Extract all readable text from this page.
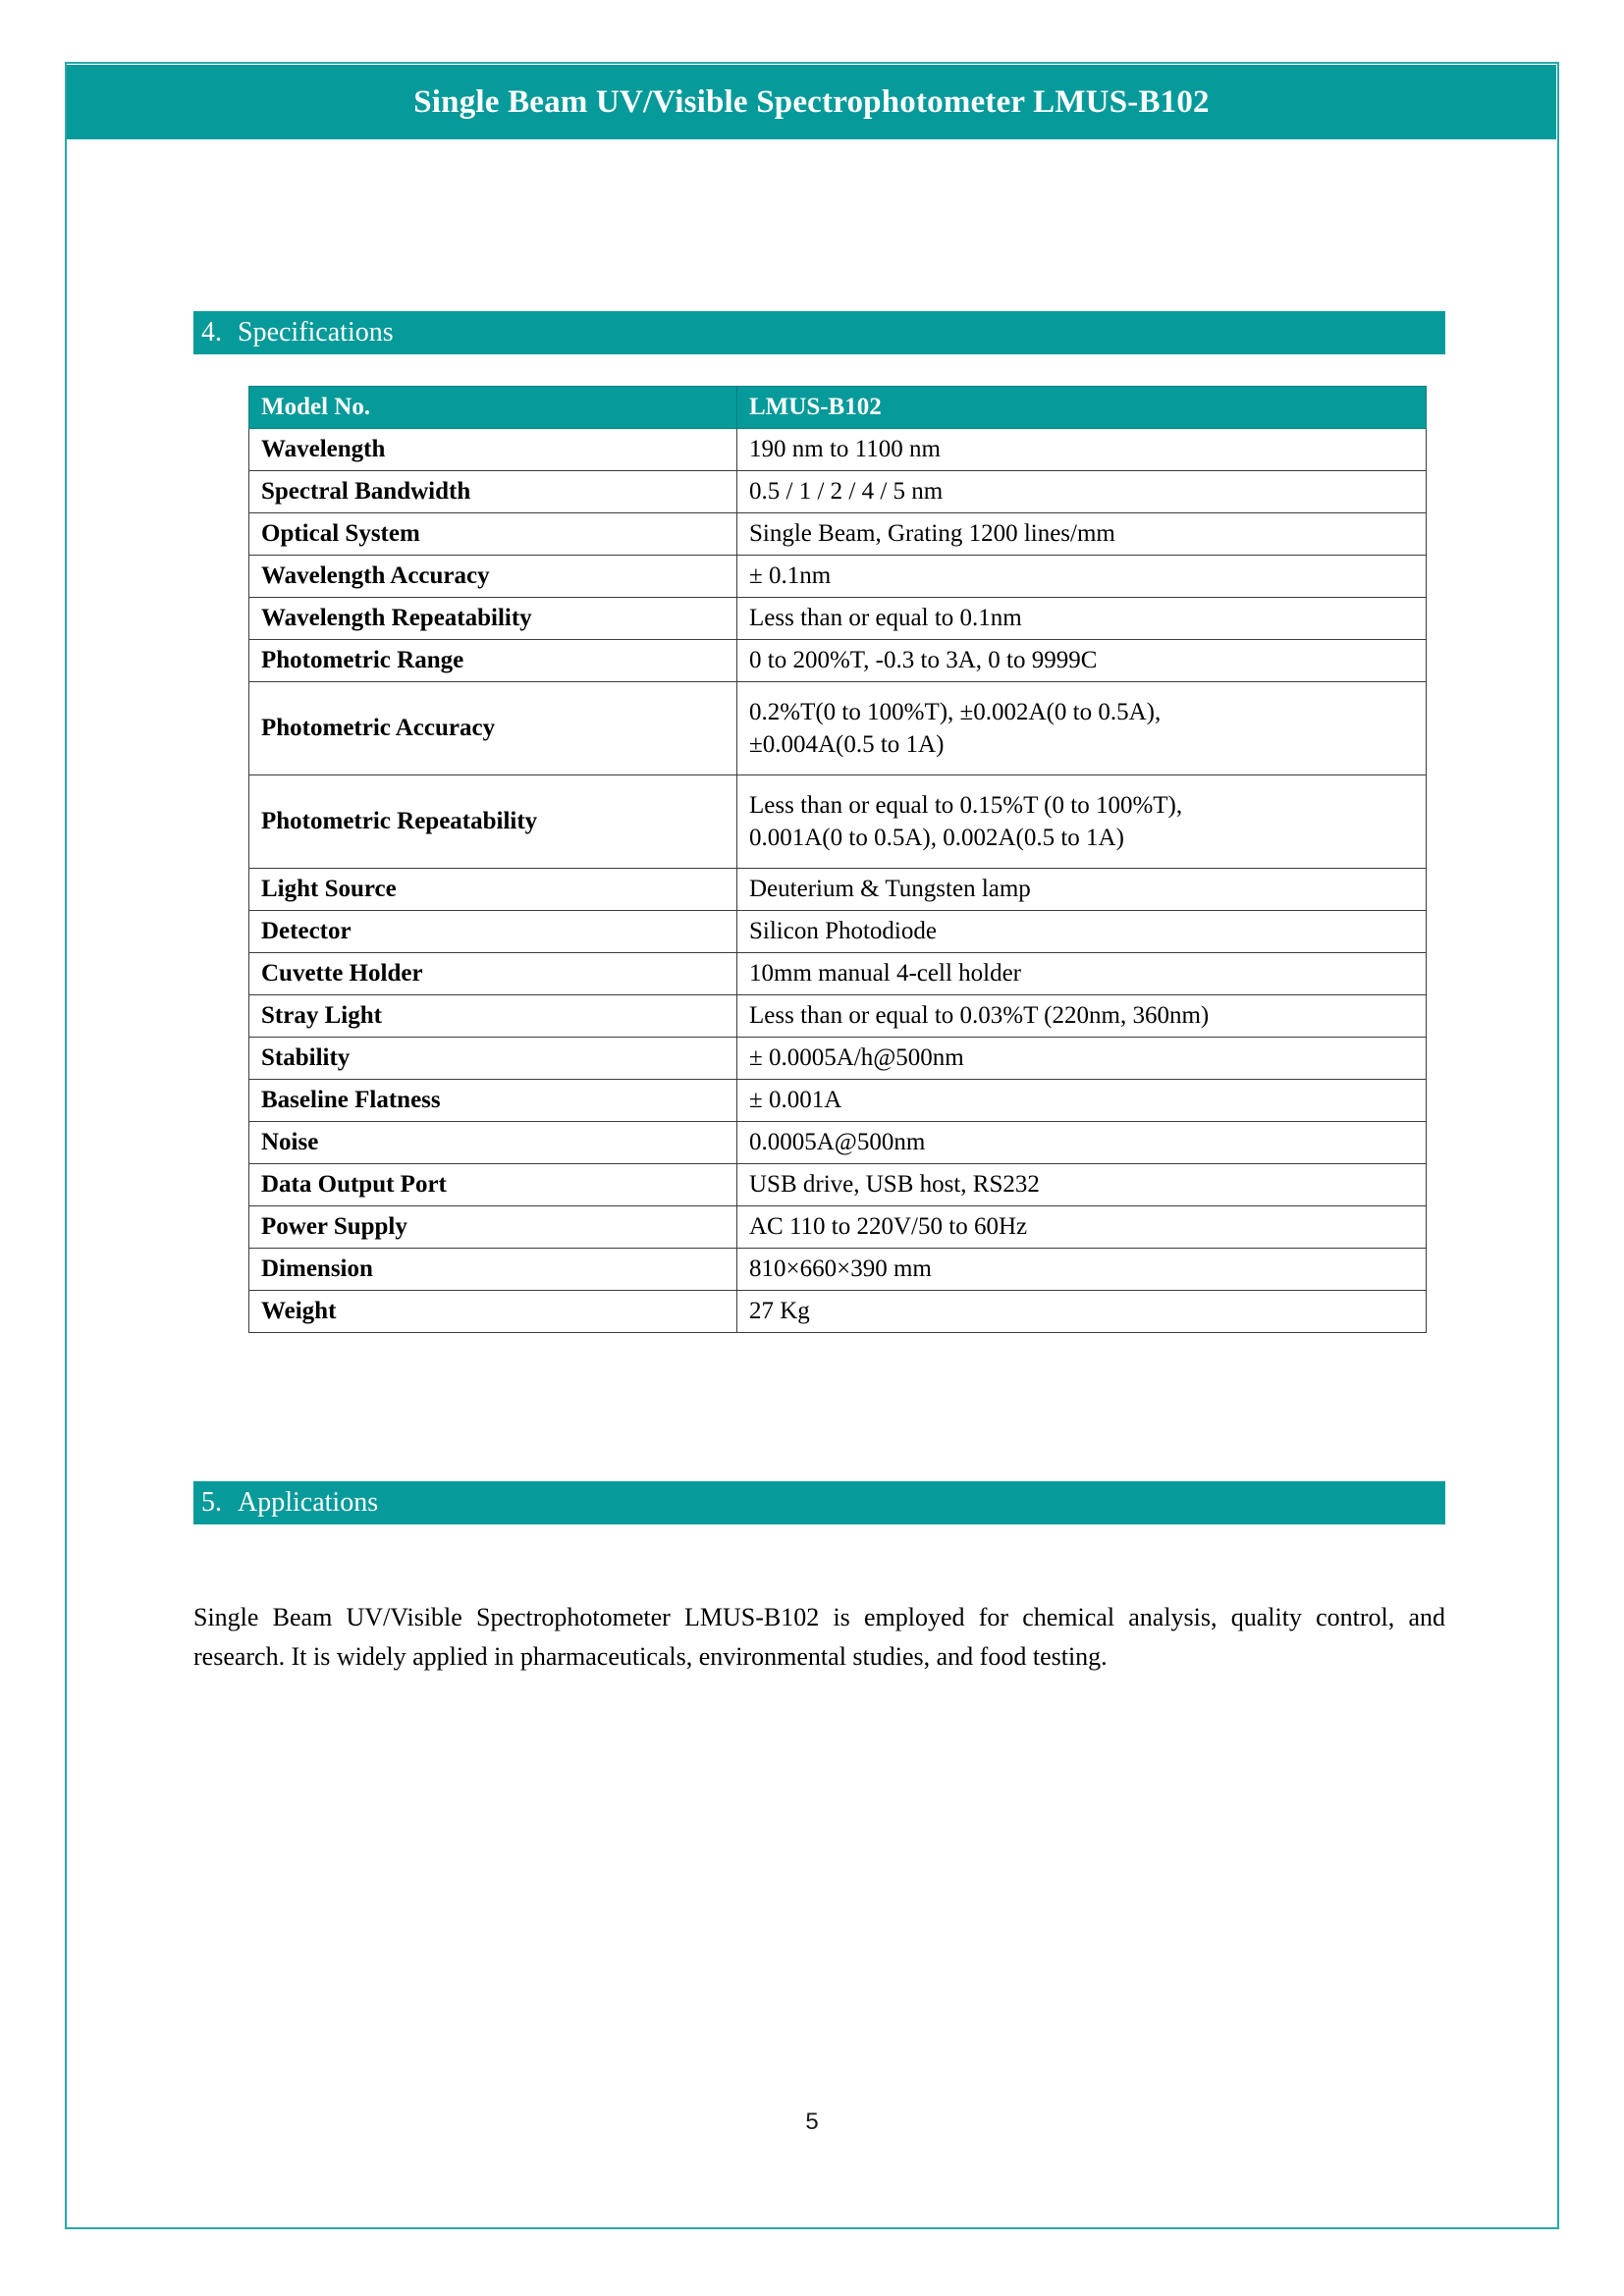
Single Beam UV/Visible Spectrophotometer LMUS-B102
4. Specifications
Model No.	LMUS-B102
Wavelength	190 nm to 1100 nm
Spectral Bandwidth	0.5 / 1 / 2 / 4 / 5 nm
Optical System	Single Beam, Grating 1200 lines/mm
Wavelength Accuracy	± 0.1nm
Wavelength Repeatability	Less than or equal to 0.1nm
Photometric Range	0 to 200%T, -0.3 to 3A, 0 to 9999C
Photometric Accuracy	0.2%T(0 to 100%T), ±0.002A(0 to 0.5A),
±0.004A(0.5 to 1A)

Photometric Repeatability	Less than or equal to 0.15%T (0 to 100%T),
0.001A(0 to 0.5A), 0.002A(0.5 to 1A)

Light Source	Deuterium & Tungsten lamp
Detector	Silicon Photodiode
Cuvette Holder	10mm manual 4-cell holder
Stray Light	Less than or equal to 0.03%T (220nm, 360nm)
Stability	± 0.0005A/h@500nm
Baseline Flatness	± 0.001A
Noise	0.0005A@500nm
Data Output Port	USB drive, USB host, RS232
Power Supply	AC 110 to 220V/50 to 60Hz
Dimension	810×660×390 mm
Weight	27 Kg
5. Applications

Single Beam UV/Visible Spectrophotometer LMUS-B102 is employed for chemical analysis, quality control, and research. It is widely applied in pharmaceuticals, environmental studies, and food testing.

5
